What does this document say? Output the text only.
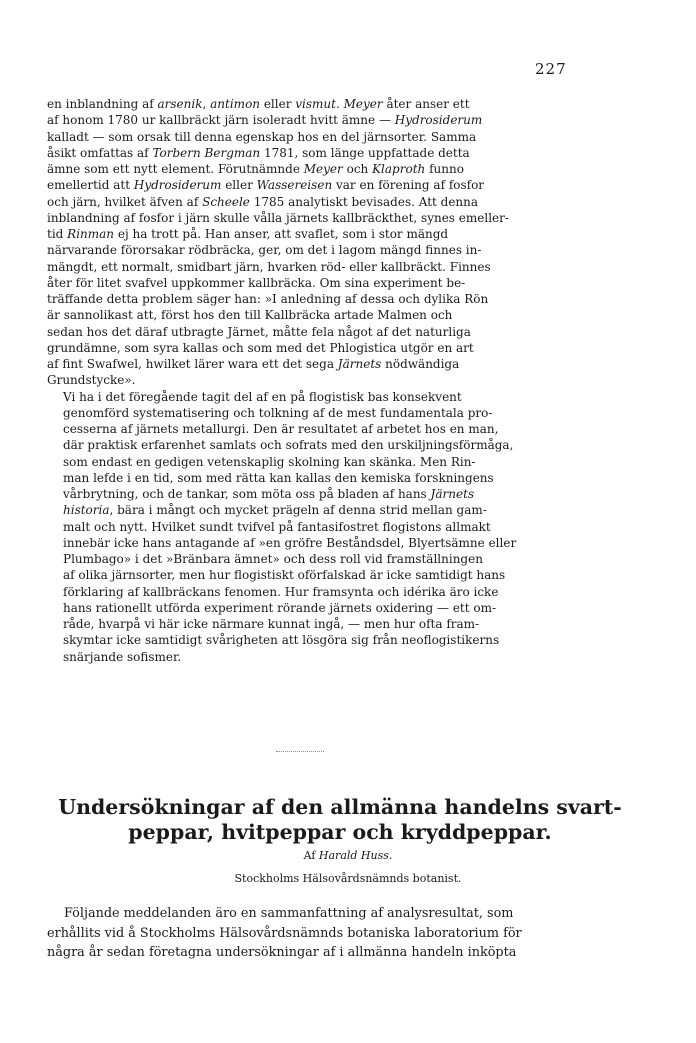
227

en inblandning af arsenik, antimon eller vismut. Meyer åter anser ett
af honom 1780 ur kallbräckt järn isoleradt hvitt ämne — Hydrosiderum
kalladt — som orsak till denna egenskap hos en del järnsorter. Samma
åsikt omfattas af Torbern Bergman 1781, som länge uppfattade detta
ämne som ett nytt element. Förutnämnde Meyer och Klaproth funno
emellertid att Hydrosiderum eller Wassereisen var en förening af fosfor
och järn, hvilket äfven af Scheele 1785 analytiskt bevisades. Att denna
inblandning af fosfor i järn skulle vålla järnets kallbräckthet, synes emeller-
tid Rinman ej ha trott på. Han anser, att svaflet, som i stor mängd
närvarande förorsakar rödbräcka, ger, om det i lagom mängd finnes in-
mängdt, ett normalt, smidbart järn, hvarken röd- eller kallbräckt. Finnes
åter för litet svafvel uppkommer kallbräcka. Om sina experiment be-
träffande detta problem säger han: »I anledning af dessa och dylika Rön
är sannolikast att, först hos den till Kallbräcka artade Malmen och
sedan hos det däraf utbragte Järnet, måtte fela något af det naturliga
grundämne, som syra kallas och som med det Phlogistica utgör en art
af fint Swafwel, hwilket lärer wara ett det sega Järnets nödwändiga
Grundstycke».

Vi ha i det föregående tagit del af en på flogistisk bas konsekvent
genomförd systematisering och tolkning af de mest fundamentala pro-
cesserna af järnets metallurgi. Den är resultatet af arbetet hos en man,
där praktisk erfarenhet samlats och sofrats med den urskiljningsförmåga,
som endast en gedigen vetenskaplig skolning kan skänka. Men Rin-
man lefde i en tid, som med rätta kan kallas den kemiska forskningens
vårbrytning, och de tankar, som möta oss på bladen af hans Järnets
historia, bära i mångt och mycket prägeln af denna strid mellan gam-
malt och nytt. Hvilket sundt tvifvel på fantasifostret flogistons allmakt
innebär icke hans antagande af »en gröfre Beståndsdel, Blyertsämne eller
Plumbago» i det »Bränbara ämnet» och dess roll vid framställningen
af olika järnsorter, men hur flogistiskt oförfalskad är icke samtidigt hans
förklaring af kallbräckans fenomen. Hur framsynta och idérika äro icke
hans rationellt utförda experiment rörande järnets oxidering — ett om-
råde, hvarpå vi här icke närmare kunnat ingå, — men hur ofta fram-
skymtar icke samtidigt svårigheten att lösgöra sig från neoflogistikerns
snärjande sofismer.

Undersökningar af den allmänna handelns svart-
peppar, hvitpeppar och kryddpeppar.
Af Harald Huss.
Stockholms Hälsovårdsnämnds botanist.
Följande meddelanden äro en sammanfattning af analysresultat, som
erhållits vid å Stockholms Hälsovårdsnämnds botaniska laboratorium för
några år sedan företagna undersökningar af i allmänna handeln inköpta
